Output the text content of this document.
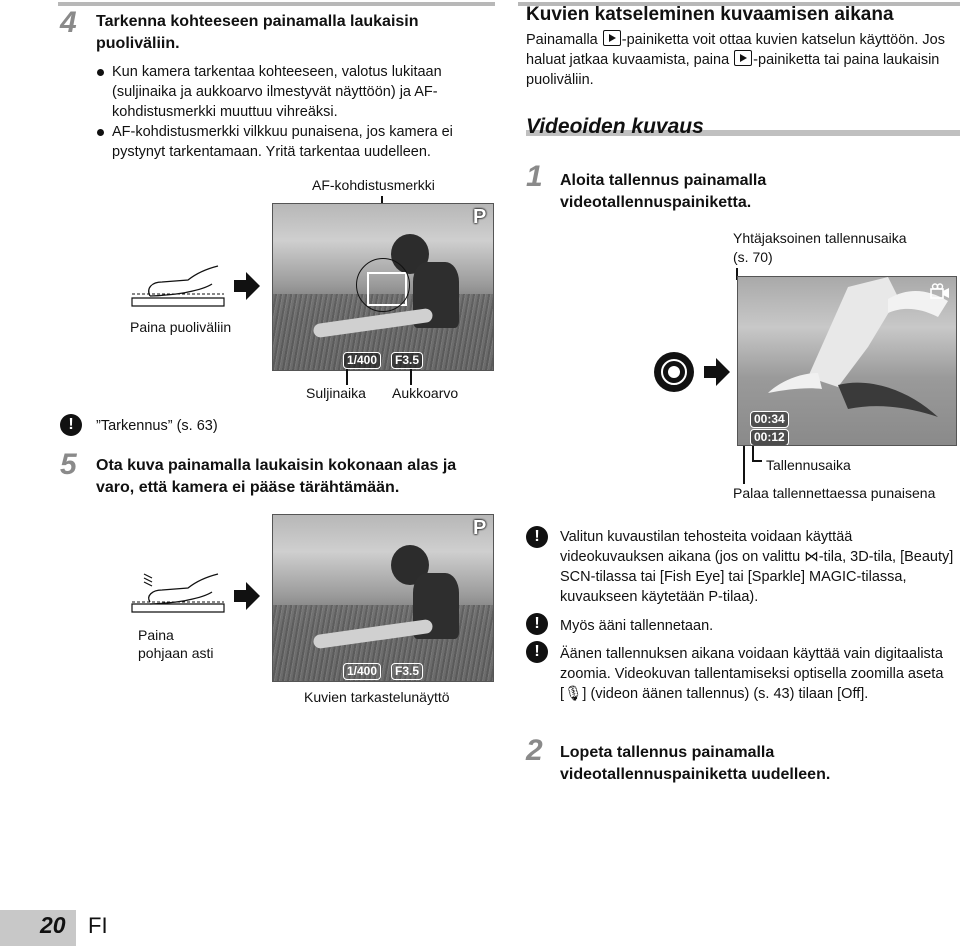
4 Tarkenna kohteeseen painamalla laukaisin puoliväliin.
Kun kamera tarkentaa kohteeseen, valotus lukitaan (suljinaika ja aukkoarvo ilmestyvät näyttöön) ja AF-kohdistusmerkki muuttuu vihreäksi.
AF-kohdistusmerkki vilkkuu punaisena, jos kamera ei pystynyt tarkentamaan. Yritä tarkentaa uudelleen.
AF-kohdistusmerkki
P
1/400	F3.5
Suljinaika Aukkoarvo
Paina puoliväliin
!	”Tarkennus” (s. 63)
5 Ota kuva painamalla laukaisin kokonaan alas ja varo, että kamera ei pääse tärähtämään.
P
1/400	F3.5
Kuvien tarkastelunäyttö
Paina
pohjaan asti
Kuvien katseleminen kuvaamisen aikana
Painamalla -painiketta voit ottaa kuvien katselun käyttöön. Jos haluat jatkaa kuvaamista, paina -painiketta tai paina laukaisin puoliväliin.
Videoiden kuvaus
1 Aloita tallennus painamalla videotallennuspainiketta.
Yhtäjaksoinen tallennusaika
(s. 70)
00:34
00:12
Tallennusaika
Palaa tallennettaessa punaisena
!	Valitun kuvaustilan tehosteita voidaan käyttää videokuvauksen aikana (jos on valittu ⋈-tila, 3D-tila, [Beauty] SCN-tilassa tai [Fish Eye] tai [Sparkle] MAGIC-tilassa, kuvaukseen käytetään P-tilaa).
!	Myös ääni tallennetaan.
!	Äänen tallennuksen aikana voidaan käyttää vain digitaalista zoomia. Videokuvan tallentamiseksi optisella zoomilla aseta [🎙] (videon äänen tallennus) (s. 43) tilaan [Off].
2 Lopeta tallennus painamalla videotallennuspainiketta uudelleen.
20 FI
